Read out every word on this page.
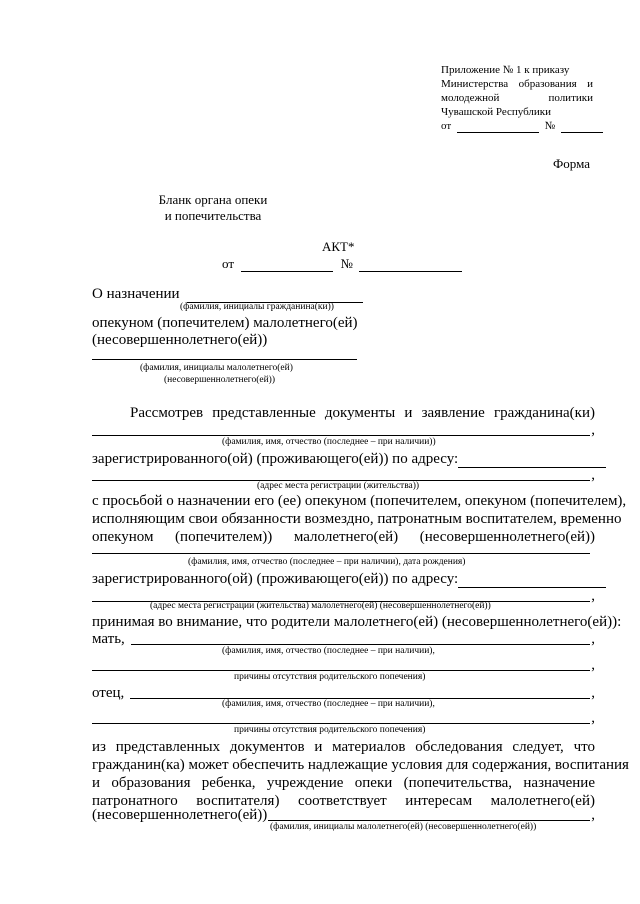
Приложение № 1 к приказу
Министерства образования и
молодежной	политики
Чувашской Республики
от	№
Форма
Бланк органа опеки
и попечительства
АКТ*
от	№
О назначении
(фамилия, инициалы гражданина(ки))
опекуном (попечителем) малолетнего(ей)
(несовершеннолетнего(ей))
(фамилия, инициалы малолетнего(ей)
(несовершеннолетнего(ей))
Рассмотрев представленные документы и заявление гражданина(ки)
,
(фамилия, имя, отчество (последнее – при наличии))
зарегистрированного(ой) (проживающего(ей)) по адресу:
,
(адрес места регистрации (жительства))
с просьбой о назначении его (ее) опекуном (попечителем, опекуном (попечителем),
исполняющим свои обязанности возмездно, патронатным воспитателем, временно
опекуном (попечителем)) малолетнего(ей) (несовершеннолетнего(ей))
(фамилия, имя, отчество (последнее – при наличии), дата рождения)
зарегистрированного(ой) (проживающего(ей)) по адресу:
,
(адрес места регистрации (жительства) малолетнего(ей) (несовершеннолетнего(ей))
принимая во внимание, что родители малолетнего(ей) (несовершеннолетнего(ей)):
мать,	,
(фамилия, имя, отчество (последнее – при наличии),
,
причины отсутствия родительского попечения)
отец,	,
(фамилия, имя, отчество (последнее – при наличии),
,
причины отсутствия родительского попечения)
из представленных документов и материалов обследования следует, что
гражданин(ка) может обеспечить надлежащие условия для содержания, воспитания
и образования ребенка, учреждение опеки (попечительства, назначение
патронатного воспитателя) соответствует интересам малолетнего(ей)
(несовершеннолетнего(ей))	,
(фамилия, инициалы малолетнего(ей) (несовершеннолетнего(ей))
